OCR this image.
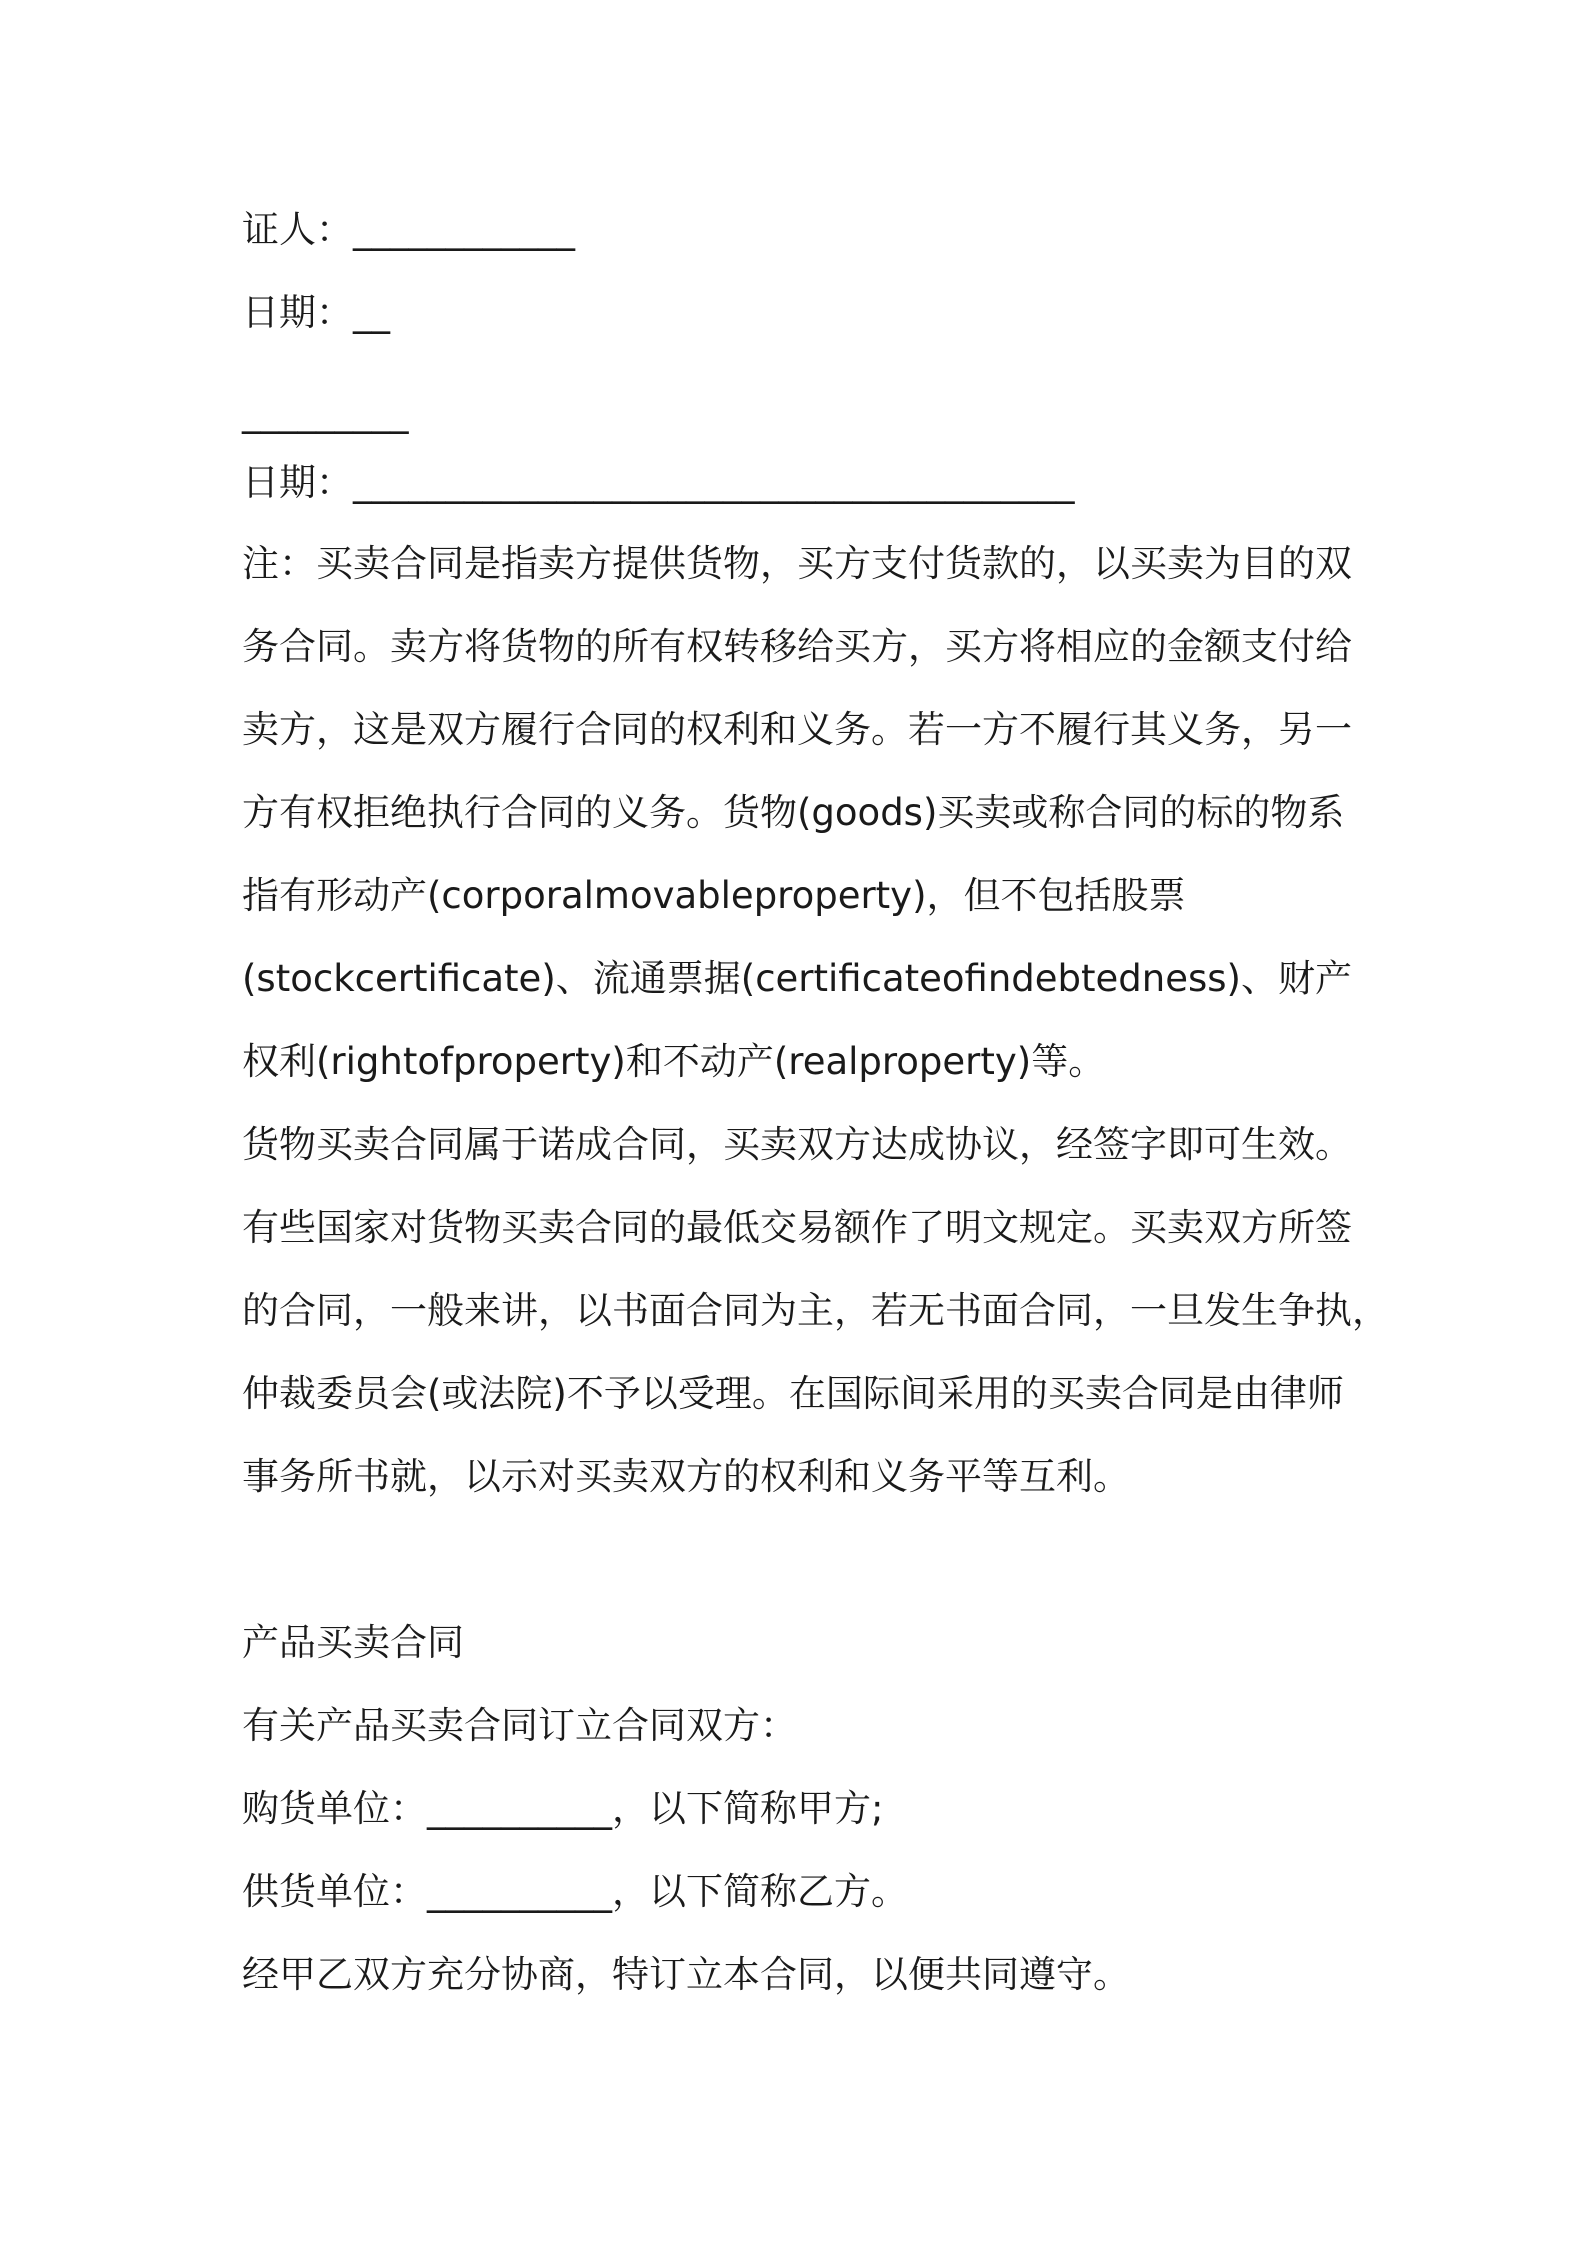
证人：____________
日期：__
_________
日期：_______________________________________
注：买卖合同是指卖方提供货物，买方支付货款的，以买卖为目的双
务合同。卖方将货物的所有权转移给买方，买方将相应的金额支付给
卖方，这是双方履行合同的权利和义务。若一方不履行其义务，另一
方有权拒绝执行合同的义务。货物(goods)买卖或称合同的标的物系
指有形动产(corporalmovableproperty)，但不包括股票
(stockcertificate)、流通票据(certificateofindebtedness)、财产
权利(rightofproperty)和不动产(realproperty)等。
货物买卖合同属于诺成合同，买卖双方达成协议，经签字即可生效。
有些国家对货物买卖合同的最低交易额作了明文规定。买卖双方所签
的合同，一般来讲，以书面合同为主，若无书面合同，一旦发生争执，
仲裁委员会(或法院)不予以受理。在国际间采用的买卖合同是由律师
事务所书就，以示对买卖双方的权利和义务平等互利。
产品买卖合同
有关产品买卖合同订立合同双方：
购货单位：__________，以下简称甲方;
供货单位：__________，以下简称乙方。
经甲乙双方充分协商，特订立本合同，以便共同遵守。
